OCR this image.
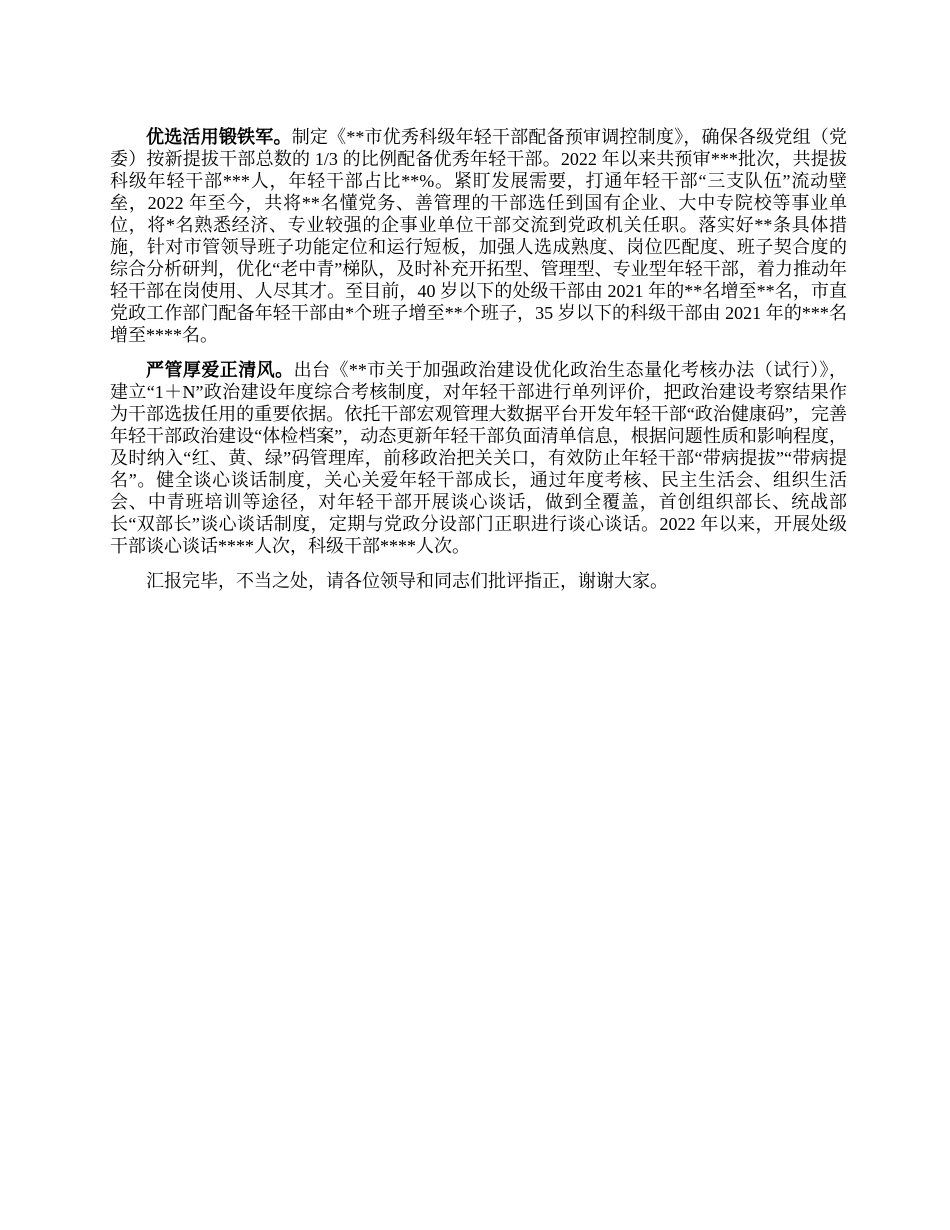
优选活用锻铁军。制定《**市优秀科级年轻干部配备预审调控制度》，确保各级党组（党委）按新提拔干部总数的 1/3 的比例配备优秀年轻干部。2022 年以来共预审***批次，共提拔科级年轻干部***人，年轻干部占比**%。紧盯发展需要，打通年轻干部“三支队伍”流动壁垒，2022 年至今，共将**名懂党务、善管理的干部选任到国有企业、大中专院校等事业单位，将*名熟悉经济、专业较强的企事业单位干部交流到党政机关任职。落实好**条具体措施，针对市管领导班子功能定位和运行短板，加强人选成熟度、岗位匹配度、班子契合度的综合分析研判，优化“老中青”梯队，及时补充开拓型、管理型、专业型年轻干部，着力推动年轻干部在岗使用、人尽其才。至目前，40 岁以下的处级干部由 2021 年的**名增至**名，市直党政工作部门配备年轻干部由*个班子增至**个班子，35 岁以下的科级干部由 2021 年的***名增至****名。

严管厚爱正清风。出台《**市关于加强政治建设优化政治生态量化考核办法（试行）》，建立“1＋N”政治建设年度综合考核制度，对年轻干部进行单列评价，把政治建设考察结果作为干部选拔任用的重要依据。依托干部宏观管理大数据平台开发年轻干部“政治健康码”，完善年轻干部政治建设“体检档案”，动态更新年轻干部负面清单信息，根据问题性质和影响程度，及时纳入“红、黄、绿”码管理库，前移政治把关关口，有效防止年轻干部“带病提拔”“带病提名”。健全谈心谈话制度，关心关爱年轻干部成长，通过年度考核、民主生活会、组织生活会、中青班培训等途径，对年轻干部开展谈心谈话，做到全覆盖，首创组织部长、统战部长“双部长”谈心谈话制度，定期与党政分设部门正职进行谈心谈话。2022 年以来，开展处级干部谈心谈话****人次，科级干部****人次。

汇报完毕，不当之处，请各位领导和同志们批评指正，谢谢大家。
